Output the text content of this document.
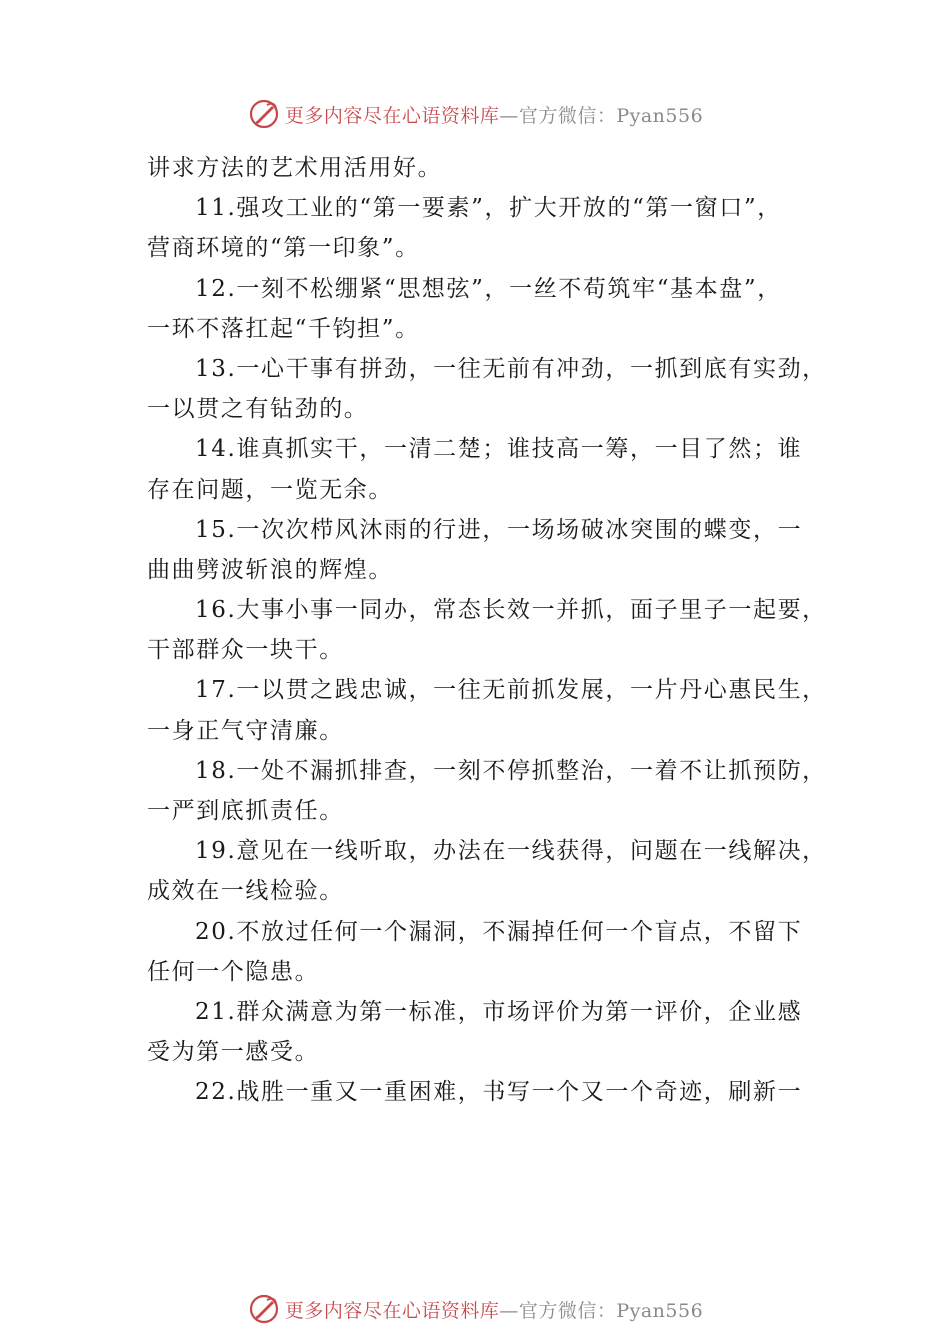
更多内容尽在心语资料库 —官方微信：Pyan556
讲求方法的艺术用活用好。
11.强攻工业的“第一要素”，扩大开放的“第一窗口”，
营商环境的“第一印象”。
12.一刻不松绷紧“思想弦”，一丝不苟筑牢“基本盘”，
一环不落扛起“千钧担”。
13.一心干事有拼劲，一往无前有冲劲，一抓到底有实劲，
一以贯之有钻劲的。
14.谁真抓实干，一清二楚；谁技高一筹，一目了然；谁
存在问题，一览无余。
15.一次次栉风沐雨的行进，一场场破冰突围的蝶变，一
曲曲劈波斩浪的辉煌。
16.大事小事一同办，常态长效一并抓，面子里子一起要，
干部群众一块干。
17.一以贯之践忠诚，一往无前抓发展，一片丹心惠民生，
一身正气守清廉。
18.一处不漏抓排查，一刻不停抓整治，一着不让抓预防，
一严到底抓责任。
19.意见在一线听取，办法在一线获得，问题在一线解决，
成效在一线检验。
20.不放过任何一个漏洞，不漏掉任何一个盲点，不留下
任何一个隐患。
21.群众满意为第一标准，市场评价为第一评价，企业感
受为第一感受。
22.战胜一重又一重困难，书写一个又一个奇迹，刷新一
更多内容尽在心语资料库 —官方微信：Pyan556
